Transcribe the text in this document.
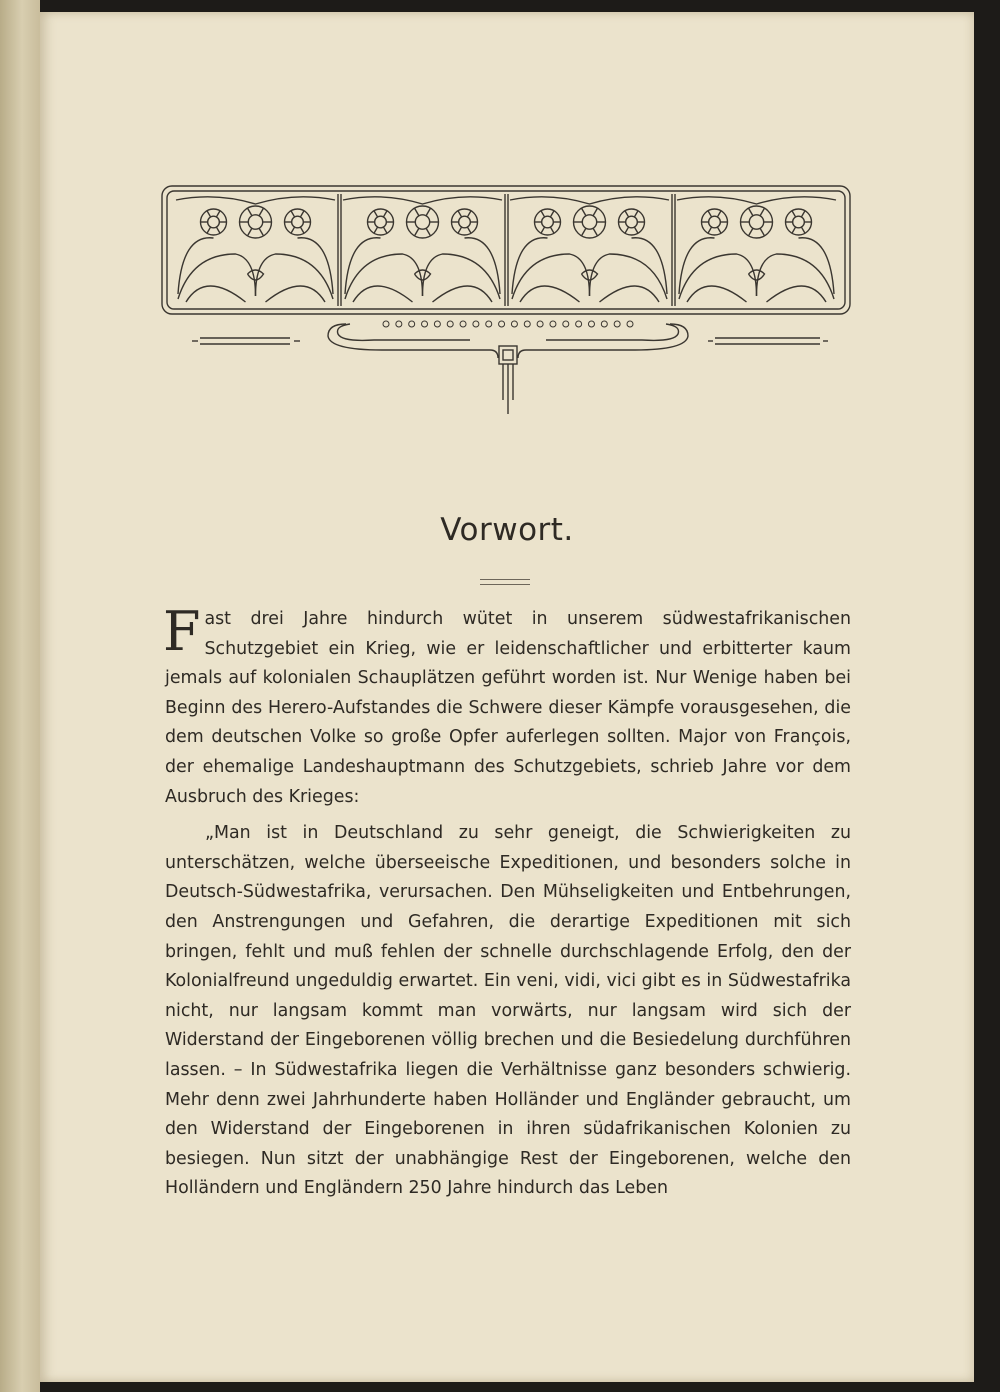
Vorwort.

Fast drei Jahre hindurch wütet in unserem südwestafrikanischen Schutzgebiet ein Krieg, wie er leidenschaftlicher und erbitterter kaum jemals auf kolonialen Schauplätzen geführt worden ist. Nur Wenige haben bei Beginn des Herero-Aufstandes die Schwere dieser Kämpfe vorausgesehen, die dem deutschen Volke so große Opfer auferlegen sollten. Major von François, der ehemalige Landeshauptmann des Schutzgebiets, schrieb Jahre vor dem Ausbruch des Krieges:

„Man ist in Deutschland zu sehr geneigt, die Schwierigkeiten zu unterschätzen, welche überseeische Expeditionen, und besonders solche in Deutsch-Südwestafrika, verursachen. Den Mühseligkeiten und Entbehrungen, den Anstrengungen und Gefahren, die derartige Expeditionen mit sich bringen, fehlt und muß fehlen der schnelle durchschlagende Erfolg, den der Kolonialfreund ungeduldig erwartet. Ein veni, vidi, vici gibt es in Südwestafrika nicht, nur langsam kommt man vorwärts, nur langsam wird sich der Widerstand der Eingeborenen völlig brechen und die Besiedelung durchführen lassen. – In Südwestafrika liegen die Verhältnisse ganz besonders schwierig. Mehr denn zwei Jahrhunderte haben Holländer und Engländer gebraucht, um den Widerstand der Eingeborenen in ihren südafrikanischen Kolonien zu besiegen. Nun sitzt der unabhängige Rest der Eingeborenen, welche den Holländern und Engländern 250 Jahre hindurch das Leben
